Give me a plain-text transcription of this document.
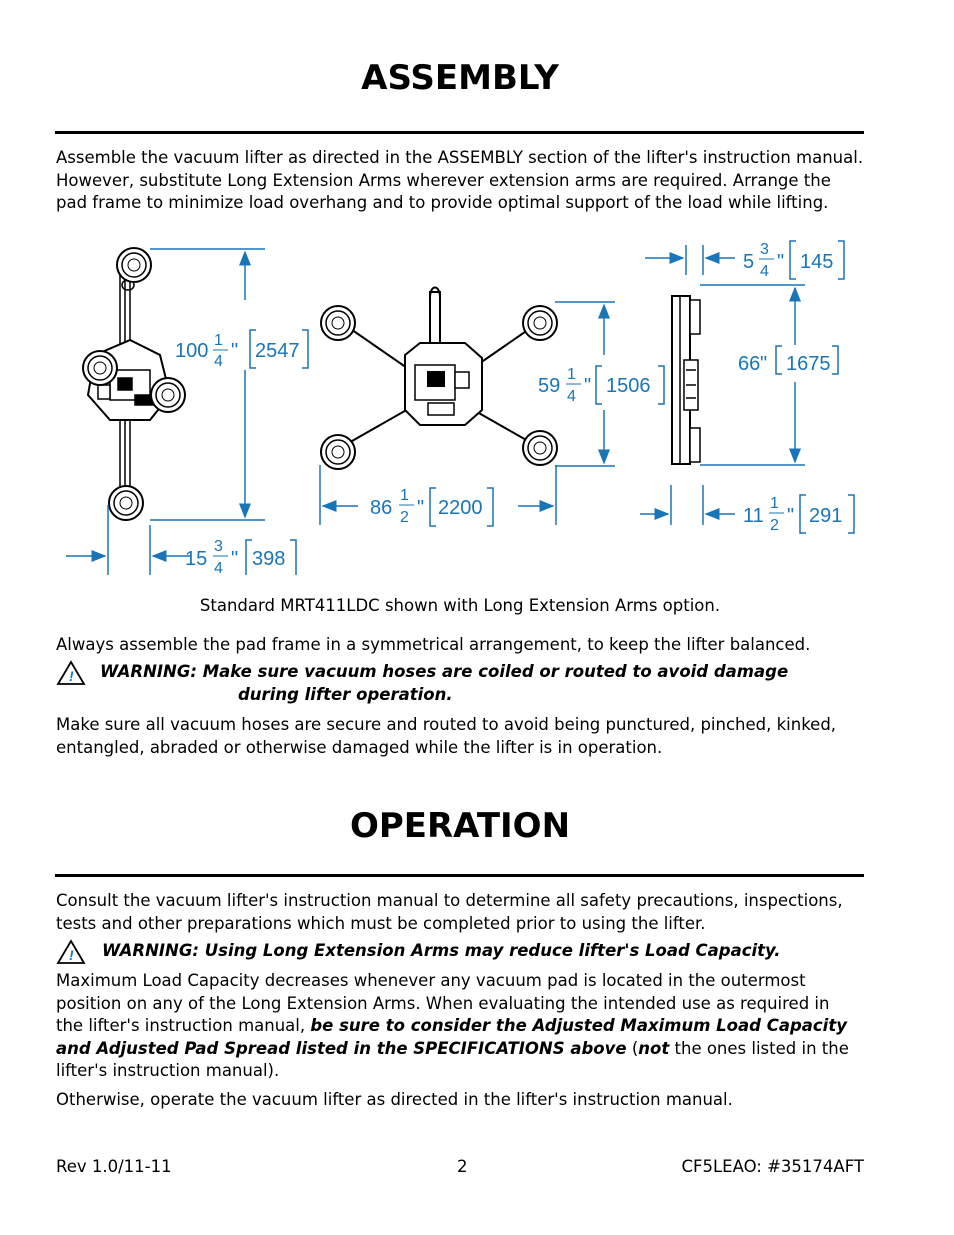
ASSEMBLY
Assemble the vacuum lifter as directed in the ASSEMBLY section of the lifter's instruction manual.
However, substitute Long Extension Arms wherever extension arms are required. Arrange the
pad frame to minimize load overhang and to provide optimal support of the load while lifting.
100 1
4 " 2547
15
3
4 " 398
59
1
4 " 1506
86
1
2 " 2200
5
3
4 " 145
66 " 1675
11
1
2 " 291
Standard MRT411LDC shown with Long Extension Arms option.
Always assemble the pad frame in a symmetrical arrangement, to keep the lifter balanced.
!	WARNING: Make sure vacuum hoses are coiled or routed to avoid damage
during lifter operation.
Make sure all vacuum hoses are secure and routed to avoid being punctured, pinched, kinked,
entangled, abraded or otherwise damaged while the lifter is in operation.
OPERATION
Consult the vacuum lifter's instruction manual to determine all safety precautions, inspections,
tests and other preparations which must be completed prior to using the lifter.
!	WARNING: Using Long Extension Arms may reduce lifter's Load Capacity.
Maximum Load Capacity decreases whenever any vacuum pad is located in the outermost
position on any of the Long Extension Arms. When evaluating the intended use as required in
the lifter's instruction manual, be sure to consider the Adjusted Maximum Load Capacity
and Adjusted Pad Spread listed in the SPECIFICATIONS above (not the ones listed in the
lifter's instruction manual).
Otherwise, operate the vacuum lifter as directed in the lifter's instruction manual.
Rev 1.0/11-11	2	CF5LEAO: #35174AFT
